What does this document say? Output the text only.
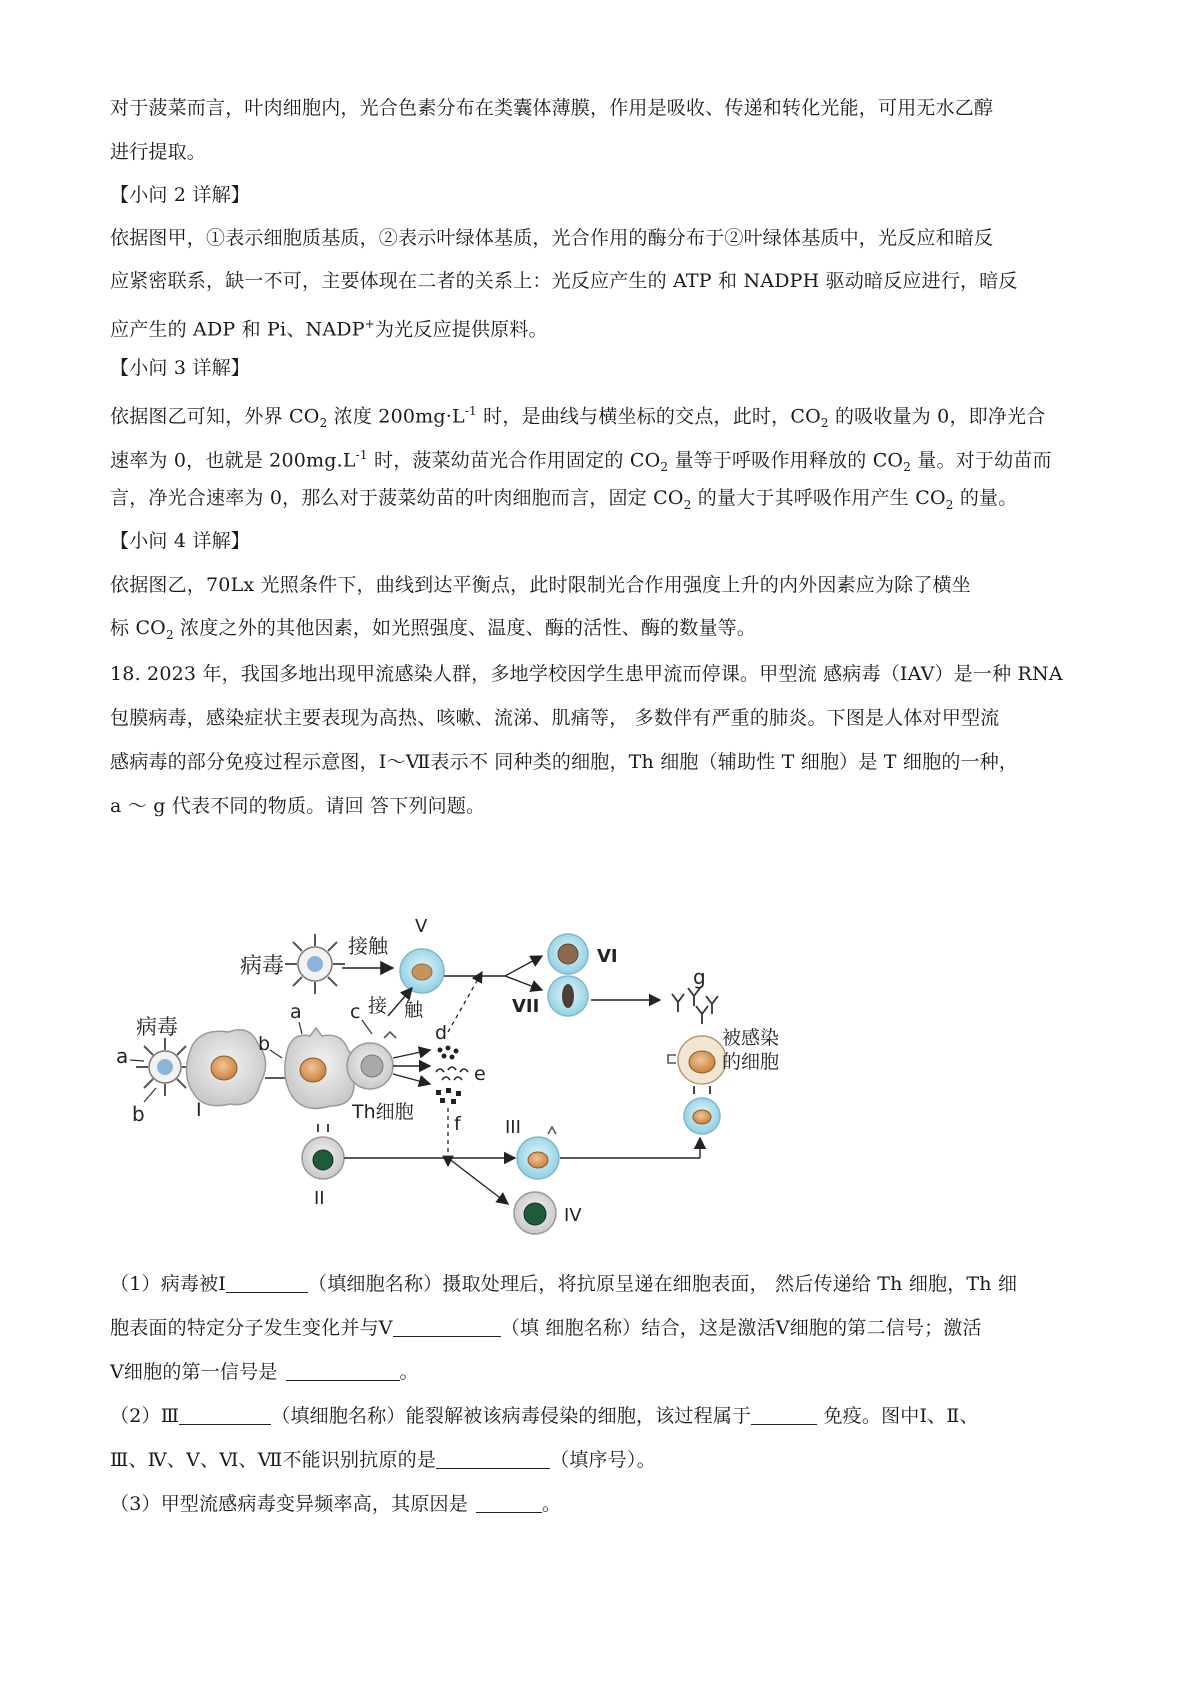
对于菠菜而言，叶肉细胞内，光合色素分布在类囊体薄膜，作用是吸收、传递和转化光能，可用无水乙醇
进行提取。
【小问 2 详解】
依据图甲，①表示细胞质基质，②表示叶绿体基质，光合作用的酶分布于②叶绿体基质中，光反应和暗反
应紧密联系，缺一不可，主要体现在二者的关系上：光反应产生的 ATP 和 NADPH 驱动暗反应进行，暗反
应产生的 ADP 和 Pi、NADP+为光反应提供原料。
【小问 3 详解】
依据图乙可知，外界 $CO_2$ 浓度 $200mg\cdot L^{-1}$ 时，是曲线与横坐标的交点，此时，$CO_2$ 的吸收量为 0，即净光合
速率为 0，也就是 $200mg.L^{-1}$ 时，菠菜幼苗光合作用固定的 $CO_2$ 量等于呼吸作用释放的 $CO_2$ 量。对于幼苗而
言，净光合速率为 0，那么对于菠菜幼苗的叶肉细胞而言，固定 $CO_2$ 的量大于其呼吸作用产生 $CO_2$ 的量。
【小问 4 详解】
依据图乙，70Lx 光照条件下，曲线到达平衡点，此时限制光合作用强度上升的内外因素应为除了横坐
标 $CO_2$ 浓度之外的其他因素，如光照强度、温度、酶的活性、酶的数量等。
18. 2023 年，我国多地出现甲流感染人群，多地学校因学生患甲流而停课。甲型流 感病毒（IAV）是一种 RNA
包膜病毒，感染症状主要表现为高热、咳嗽、流涕、肌痛等， 多数伴有严重的肺炎。下图是人体对甲型流
感病毒的部分免疫过程示意图，Ⅰ～Ⅶ表示不 同种类的细胞，Th 细胞（辅助性 T 细胞）是 T 细胞的一种，
a ～ g 代表不同的物质。请回 答下列问题。
病毒
接触
V
VI
VII
g
病毒
a
b	I
a
b
c 接 触
Th细胞
d
e
f
II
III
IV
被感染
的细胞
（1）病毒被Ⅰ	（填细胞名称）摄取处理后，将抗原呈递在细胞表面， 然后传递给 Th 细胞，Th 细
胞表面的特定分子发生变化并与Ⅴ	（填 细胞名称）结合，这是激活Ⅴ细胞的第二信号；激活
Ⅴ细胞的第一信号是	。
（2）Ⅲ	（填细胞名称）能裂解被该病毒侵染的细胞，该过程属于	免疫。图中Ⅰ、Ⅱ、
Ⅲ、Ⅳ、Ⅴ、Ⅵ、Ⅶ不能识别抗原的是	（填序号）。
（3）甲型流感病毒变异频率高，其原因是	。
